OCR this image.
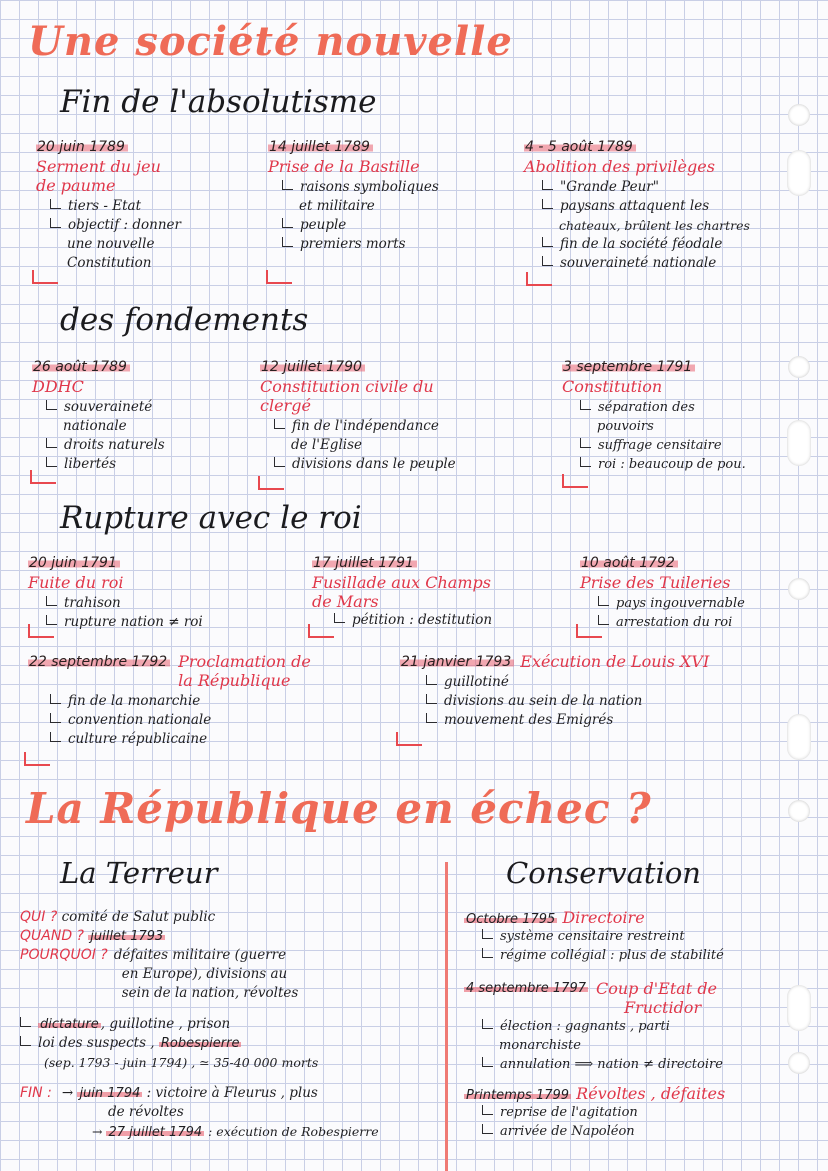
Une société nouvelle
Fin de l'absolutisme
20 juin 1789
Serment du jeu
de paume
tiers - Etat
objectif : donner
une nouvelle
Constitution
14 juillet 1789
Prise de la Bastille
raisons symboliques
et militaire
peuple
premiers morts
4 - 5 août 1789
Abolition des privilèges
"Grande Peur"
paysans attaquent les
chateaux, brûlent les chartres
fin de la société féodale
souveraineté nationale
des fondements
26 août 1789
DDHC
souveraineté
nationale
droits naturels
libertés
12 juillet 1790
Constitution civile du
clergé
fin de l'indépendance
de l'Eglise
divisions dans le peuple
3 septembre 1791
Constitution
séparation des
pouvoirs
suffrage censitaire
roi : beaucoup de pou.
Rupture avec le roi
20 juin 1791
Fuite du roi
trahison
rupture nation ≠ roi
17 juillet 1791
Fusillade aux Champs
de Mars
pétition : destitution
10 août 1792
Prise des Tuileries
pays ingouvernable
arrestation du roi
22 septembre 1792 Proclamation de
la République
fin de la monarchie
convention nationale
culture républicaine
21 janvier 1793 Exécution de Louis XVI
guillotiné
divisions au sein de la nation
mouvement des Emigrés
La République en échec ?
La Terreur
QUI ? comité de Salut public
QUAND ? juillet 1793
POURQUOI ? défaites militaire (guerre
en Europe), divisions au
sein de la nation, révoltes
dictature , guillotine , prison
loi des suspects , Robespierre
(sep. 1793 - juin 1794) , ≃ 35-40 000 morts
FIN : → juin 1794 : victoire à Fleurus , plus
de révoltes
→ 27 juillet 1794 : exécution de Robespierre
Conservation
Octobre 1795 Directoire
système censitaire restreint
régime collégial : plus de stabilité
4 septembre 1797 Coup d'Etat de
Fructidor
élection : gagnants , parti
monarchiste
annulation ⟹ nation ≠ directoire
Printemps 1799 Révoltes , défaites
reprise de l'agitation
arrivée de Napoléon
